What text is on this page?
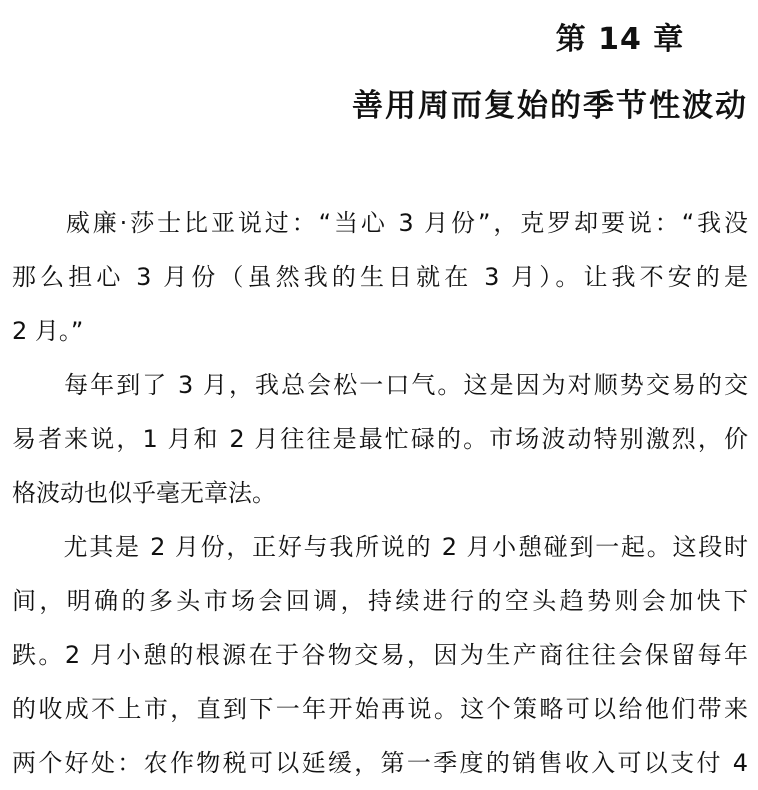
第 14 章
善用周而复始的季节性波动
　　威廉·莎士比亚说过：“当心 3 月份”，克罗却要说：“我没
那么担心 3 月份（虽然我的生日就在 3 月）。让我不安的是
2 月。”
　　每年到了 3 月，我总会松一口气。这是因为对顺势交易的交
易者来说，1 月和 2 月往往是最忙碌的。市场波动特别激烈，价
格波动也似乎毫无章法。
　　尤其是 2 月份，正好与我所说的 2 月小憩碰到一起。这段时
间，明确的多头市场会回调，持续进行的空头趋势则会加快下
跌。2 月小憩的根源在于谷物交易，因为生产商往往会保留每年
的收成不上市，直到下一年开始再说。这个策略可以给他们带来
两个好处：农作物税可以延缓，第一季度的销售收入可以支付 4
